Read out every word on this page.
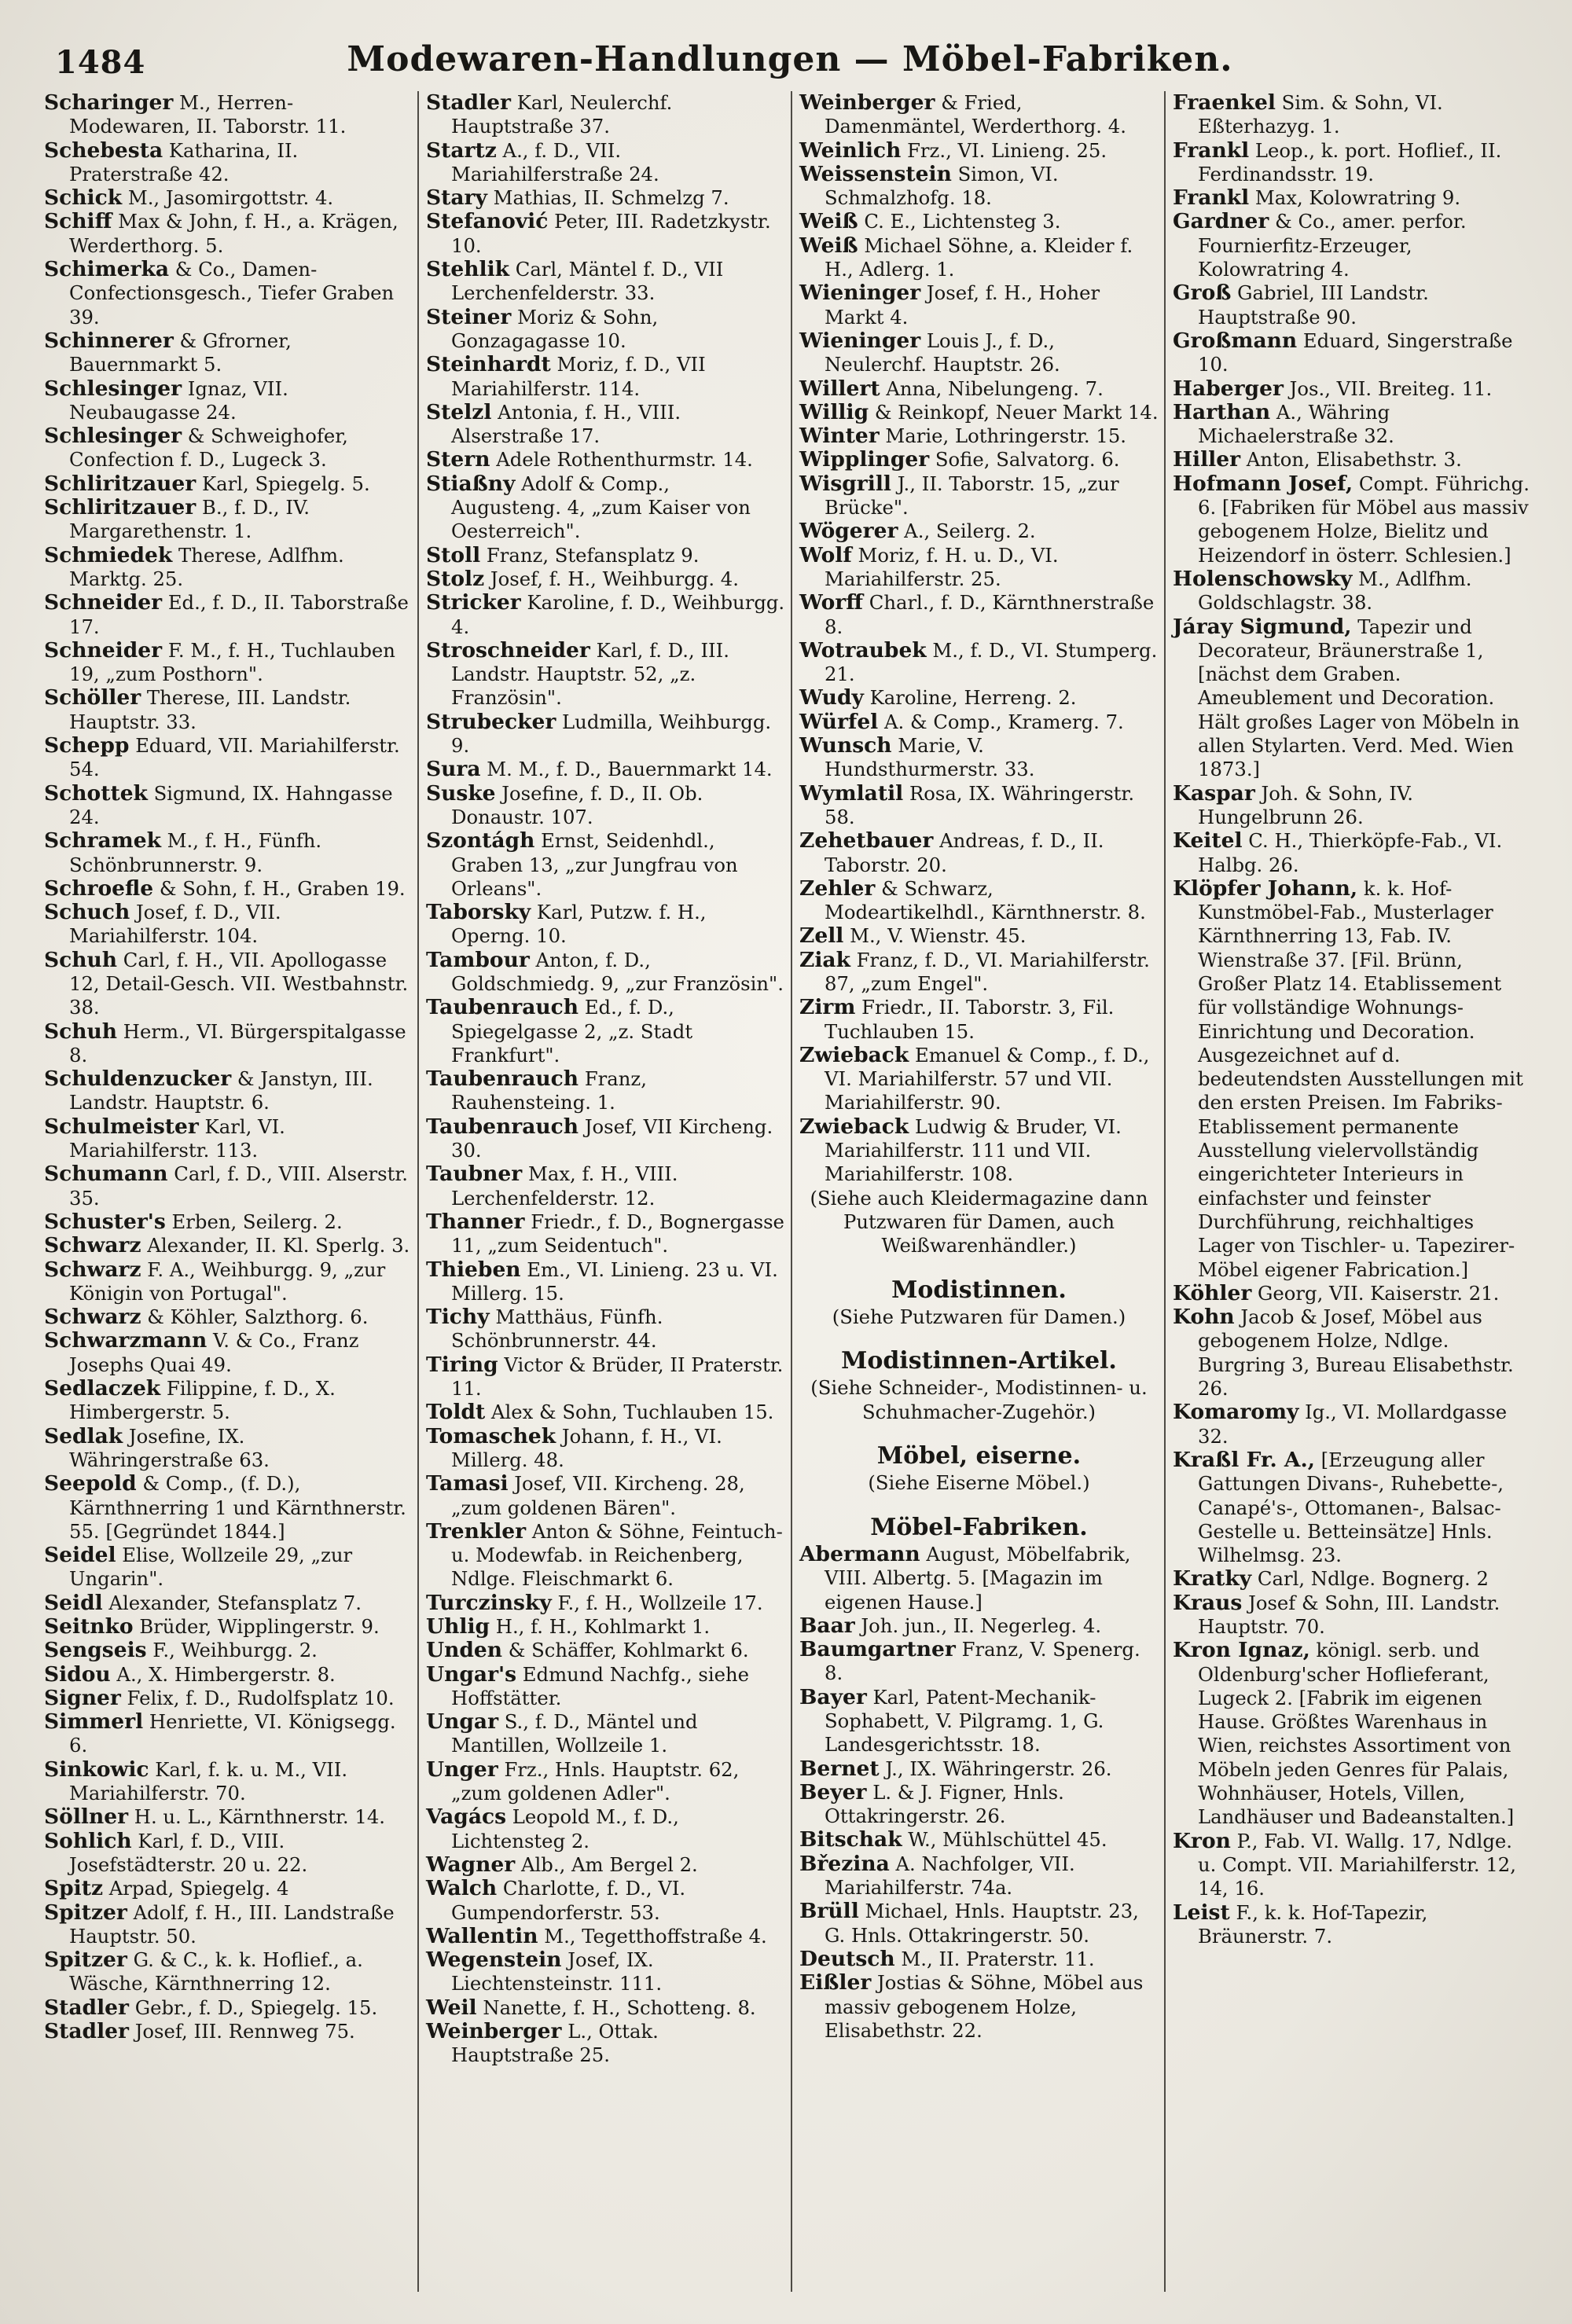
1484	Modewaren-Handlungen — Möbel-Fabriken.

Scharinger M., Herren-Modewaren, II. Taborstr. 11.

Schebesta Katharina, II. Praterstraße 42.

Schick M., Jasomirgottstr. 4.

Schiff Max & John, f. H., a. Krägen, Werderthorg. 5.

Schimerka & Co., Damen-Confectionsgesch., Tiefer Graben 39.

Schinnerer & Gfrorner, Bauernmarkt 5.

Schlesinger Ignaz, VII. Neubaugasse 24.

Schlesinger & Schweighofer, Confection f. D., Lugeck 3.

Schliritzauer Karl, Spiegelg. 5.

Schliritzauer B., f. D., IV. Margarethenstr. 1.

Schmiedek Therese, Adlfhm. Marktg. 25.

Schneider Ed., f. D., II. Taborstraße 17.

Schneider F. M., f. H., Tuchlauben 19, „zum Posthorn".

Schöller Therese, III. Landstr. Hauptstr. 33.

Schepp Eduard, VII. Mariahilferstr. 54.

Schottek Sigmund, IX. Hahngasse 24.

Schramek M., f. H., Fünfh. Schönbrunnerstr. 9.

Schroefle & Sohn, f. H., Graben 19.

Schuch Josef, f. D., VII. Mariahilferstr. 104.

Schuh Carl, f. H., VII. Apollogasse 12, Detail-Gesch. VII. Westbahnstr. 38.

Schuh Herm., VI. Bürgerspitalgasse 8.

Schuldenzucker & Janstyn, III. Landstr. Hauptstr. 6.

Schulmeister Karl, VI. Mariahilferstr. 113.

Schumann Carl, f. D., VIII. Alserstr. 35.

Schuster's Erben, Seilerg. 2.

Schwarz Alexander, II. Kl. Sperlg. 3.

Schwarz F. A., Weihburgg. 9, „zur Königin von Portugal".

Schwarz & Köhler, Salzthorg. 6.

Schwarzmann V. & Co., Franz Josephs Quai 49.

Sedlaczek Filippine, f. D., X. Himbergerstr. 5.

Sedlak Josefine, IX. Währingerstraße 63.

Seepold & Comp., (f. D.), Kärnthnerring 1 und Kärnthnerstr. 55. [Gegründet 1844.]

Seidel Elise, Wollzeile 29, „zur Ungarin".

Seidl Alexander, Stefansplatz 7.

Seitnko Brüder, Wipplingerstr. 9.

Sengseis F., Weihburgg. 2.

Sidou A., X. Himbergerstr. 8.

Signer Felix, f. D., Rudolfsplatz 10.

Simmerl Henriette, VI. Königsegg. 6.

Sinkowic Karl, f. k. u. M., VII. Mariahilferstr. 70.

Söllner H. u. L., Kärnthnerstr. 14.

Sohlich Karl, f. D., VIII. Josefstädterstr. 20 u. 22.

Spitz Arpad, Spiegelg. 4

Spitzer Adolf, f. H., III. Landstraße Hauptstr. 50.

Spitzer G. & C., k. k. Hoflief., a. Wäsche, Kärnthnerring 12.

Stadler Gebr., f. D., Spiegelg. 15.

Stadler Josef, III. Rennweg 75.

Stadler Karl, Neulerchf. Hauptstraße 37.

Startz A., f. D., VII. Mariahilferstraße 24.

Stary Mathias, II. Schmelzg 7.

Stefanović Peter, III. Radetzkystr. 10.

Stehlik Carl, Mäntel f. D., VII Lerchenfelderstr. 33.

Steiner Moriz & Sohn, Gonzagagasse 10.

Steinhardt Moriz, f. D., VII Mariahilferstr. 114.

Stelzl Antonia, f. H., VIII. Alserstraße 17.

Stern Adele Rothenthurmstr. 14.

Stiaßny Adolf & Comp., Augusteng. 4, „zum Kaiser von Oesterreich".

Stoll Franz, Stefansplatz 9.

Stolz Josef, f. H., Weihburgg. 4.

Stricker Karoline, f. D., Weihburgg. 4.

Stroschneider Karl, f. D., III. Landstr. Hauptstr. 52, „z. Französin".

Strubecker Ludmilla, Weihburgg. 9.

Sura M. M., f. D., Bauernmarkt 14.

Suske Josefine, f. D., II. Ob. Donaustr. 107.

Szontágh Ernst, Seidenhdl., Graben 13, „zur Jungfrau von Orleans".

Taborsky Karl, Putzw. f. H., Operng. 10.

Tambour Anton, f. D., Goldschmiedg. 9, „zur Französin".

Taubenrauch Ed., f. D., Spiegelgasse 2, „z. Stadt Frankfurt".

Taubenrauch Franz, Rauhensteing. 1.

Taubenrauch Josef, VII Kircheng. 30.

Taubner Max, f. H., VIII. Lerchenfelderstr. 12.

Thanner Friedr., f. D., Bognergasse 11, „zum Seidentuch".

Thieben Em., VI. Linieng. 23 u. VI. Millerg. 15.

Tichy Matthäus, Fünfh. Schönbrunnerstr. 44.

Tiring Victor & Brüder, II Praterstr. 11.

Toldt Alex & Sohn, Tuchlauben 15.

Tomaschek Johann, f. H., VI. Millerg. 48.

Tamasi Josef, VII. Kircheng. 28, „zum goldenen Bären".

Trenkler Anton & Söhne, Feintuch- u. Modewfab. in Reichenberg, Ndlge. Fleischmarkt 6.

Turczinsky F., f. H., Wollzeile 17.

Uhlig H., f. H., Kohlmarkt 1.

Unden & Schäffer, Kohlmarkt 6.

Ungar's Edmund Nachfg., siehe Hoffstätter.

Ungar S., f. D., Mäntel und Mantillen, Wollzeile 1.

Unger Frz., Hnls. Hauptstr. 62, „zum goldenen Adler".

Vagács Leopold M., f. D., Lichtensteg 2.

Wagner Alb., Am Bergel 2.

Walch Charlotte, f. D., VI. Gumpendorferstr. 53.

Wallentin M., Tegetthoffstraße 4.

Wegenstein Josef, IX. Liechtensteinstr. 111.

Weil Nanette, f. H., Schotteng. 8.

Weinberger L., Ottak. Hauptstraße 25.

Weinberger & Fried, Damenmäntel, Werderthorg. 4.

Weinlich Frz., VI. Linieng. 25.

Weissenstein Simon, VI. Schmalzhofg. 18.

Weiß C. E., Lichtensteg 3.

Weiß Michael Söhne, a. Kleider f. H., Adlerg. 1.

Wieninger Josef, f. H., Hoher Markt 4.

Wieninger Louis J., f. D., Neulerchf. Hauptstr. 26.

Willert Anna, Nibelungeng. 7.

Willig & Reinkopf, Neuer Markt 14.

Winter Marie, Lothringerstr. 15.

Wipplinger Sofie, Salvatorg. 6.

Wisgrill J., II. Taborstr. 15, „zur Brücke".

Wögerer A., Seilerg. 2.

Wolf Moriz, f. H. u. D., VI. Mariahilferstr. 25.

Worff Charl., f. D., Kärnthnerstraße 8.

Wotraubek M., f. D., VI. Stumperg. 21.

Wudy Karoline, Herreng. 2.

Würfel A. & Comp., Kramerg. 7.

Wunsch Marie, V. Hundsthurmerstr. 33.

Wymlatil Rosa, IX. Währingerstr. 58.

Zehetbauer Andreas, f. D., II. Taborstr. 20.

Zehler & Schwarz, Modeartikelhdl., Kärnthnerstr. 8.

Zell M., V. Wienstr. 45.

Ziak Franz, f. D., VI. Mariahilferstr. 87, „zum Engel".

Zirm Friedr., II. Taborstr. 3, Fil. Tuchlauben 15.

Zwieback Emanuel & Comp., f. D., VI. Mariahilferstr. 57 und VII. Mariahilferstr. 90.

Zwieback Ludwig & Bruder, VI. Mariahilferstr. 111 und VII. Mariahilferstr. 108.

(Siehe auch Kleidermagazine dann Putzwaren für Damen, auch Weißwarenhändler.)

Modistinnen.

(Siehe Putzwaren für Damen.)

Modistinnen-Artikel.

(Siehe Schneider-, Modistinnen- u. Schuhmacher-Zugehör.)

Möbel, eiserne.

(Siehe Eiserne Möbel.)

Möbel-Fabriken.

Abermann August, Möbelfabrik, VIII. Albertg. 5. [Magazin im eigenen Hause.]

Baar Joh. jun., II. Negerleg. 4.

Baumgartner Franz, V. Spenerg. 8.

Bayer Karl, Patent-Mechanik-Sophabett, V. Pilgramg. 1, G. Landesgerichtsstr. 18.

Bernet J., IX. Währingerstr. 26.

Beyer L. & J. Figner, Hnls. Ottakringerstr. 26.

Bitschak W., Mühlschüttel 45.

Březina A. Nachfolger, VII. Mariahilferstr. 74a.

Brüll Michael, Hnls. Hauptstr. 23, G. Hnls. Ottakringerstr. 50.

Deutsch M., II. Praterstr. 11.

Eißler Jostias & Söhne, Möbel aus massiv gebogenem Holze, Elisabethstr. 22.

Fraenkel Sim. & Sohn, VI. Eßterhazyg. 1.

Frankl Leop., k. port. Hoflief., II. Ferdinandsstr. 19.

Frankl Max, Kolowratring 9.

Gardner & Co., amer. perfor. Fournierfitz-Erzeuger, Kolowratring 4.

Groß Gabriel, III Landstr. Hauptstraße 90.

Großmann Eduard, Singerstraße 10.

Haberger Jos., VII. Breiteg. 11.

Harthan A., Währing Michaelerstraße 32.

Hiller Anton, Elisabethstr. 3.

Hofmann Josef, Compt. Führichg. 6. [Fabriken für Möbel aus massiv gebogenem Holze, Bielitz und Heizendorf in österr. Schlesien.]

Holenschowsky M., Adlfhm. Goldschlagstr. 38.

Járay Sigmund, Tapezir und Decorateur, Bräunerstraße 1, [nächst dem Graben. Ameublement und Decoration. Hält großes Lager von Möbeln in allen Stylarten. Verd. Med. Wien 1873.]

Kaspar Joh. & Sohn, IV. Hungelbrunn 26.

Keitel C. H., Thierköpfe-Fab., VI. Halbg. 26.

Klöpfer Johann, k. k. Hof-Kunstmöbel-Fab., Musterlager Kärnthnerring 13, Fab. IV. Wienstraße 37. [Fil. Brünn, Großer Platz 14. Etablissement für vollständige Wohnungs-Einrichtung und Decoration. Ausgezeichnet auf d. bedeutendsten Ausstellungen mit den ersten Preisen. Im Fabriks-Etablissement permanente Ausstellung vielervollständig eingerichteter Interieurs in einfachster und feinster Durchführung, reichhaltiges Lager von Tischler- u. Tapezirer-Möbel eigener Fabrication.]

Köhler Georg, VII. Kaiserstr. 21.

Kohn Jacob & Josef, Möbel aus gebogenem Holze, Ndlge. Burgring 3, Bureau Elisabethstr. 26.

Komaromy Ig., VI. Mollardgasse 32.

Kraßl Fr. A., [Erzeugung aller Gattungen Divans-, Ruhebette-, Canapé's-, Ottomanen-, Balsac-Gestelle u. Betteinsätze] Hnls. Wilhelmsg. 23.

Kratky Carl, Ndlge. Bognerg. 2

Kraus Josef & Sohn, III. Landstr. Hauptstr. 70.

Kron Ignaz, königl. serb. und Oldenburg'scher Hoflieferant, Lugeck 2. [Fabrik im eigenen Hause. Größtes Warenhaus in Wien, reichstes Assortiment von Möbeln jeden Genres für Palais, Wohnhäuser, Hotels, Villen, Landhäuser und Badeanstalten.]

Kron P., Fab. VI. Wallg. 17, Ndlge. u. Compt. VII. Mariahilferstr. 12, 14, 16.

Leist F., k. k. Hof-Tapezir, Bräunerstr. 7.
